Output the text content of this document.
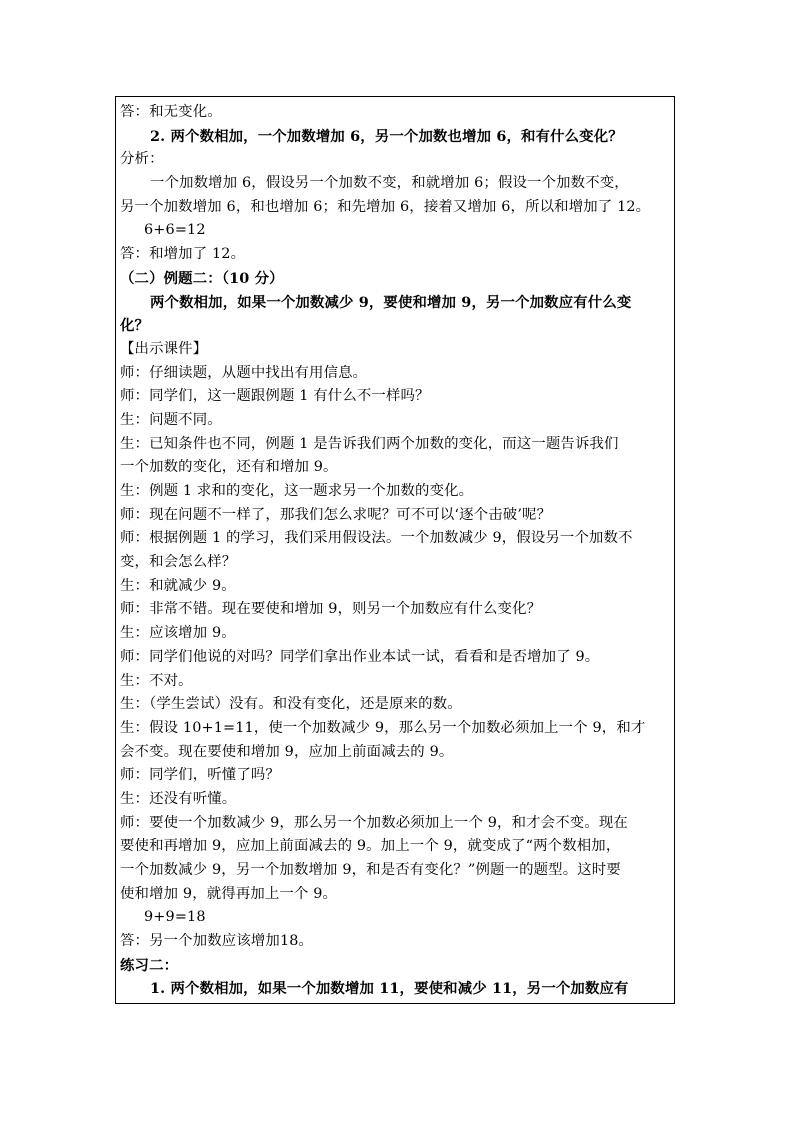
答：和无变化。
2. 两个数相加，一个加数增加 6，另一个加数也增加 6，和有什么变化？
分析：
一个加数增加 6，假设另一个加数不变，和就增加 6；假设一个加数不变，
另一个加数增加 6，和也增加 6；和先增加 6，接着又增加 6，所以和增加了 12。
6+6=12
答：和增加了 12。
（二）例题二：（10 分）
两个数相加，如果一个加数减少 9，要使和增加 9，另一个加数应有什么变
化？
【出示课件】
师：仔细读题，从题中找出有用信息。
师：同学们，这一题跟例题 1 有什么不一样吗？
生：问题不同。
生：已知条件也不同，例题 1 是告诉我们两个加数的变化，而这一题告诉我们
一个加数的变化，还有和增加 9。
生：例题 1 求和的变化，这一题求另一个加数的变化。
师：现在问题不一样了，那我们怎么求呢？可不可以‘逐个击破’呢？
师：根据例题 1 的学习，我们采用假设法。一个加数减少 9，假设另一个加数不
变，和会怎么样？
生：和就减少 9。
师：非常不错。现在要使和增加 9，则另一个加数应有什么变化？
生：应该增加 9。
师：同学们他说的对吗？同学们拿出作业本试一试，看看和是否增加了 9。
生：不对。
生：（学生尝试）没有。和没有变化，还是原来的数。
生：假设 10+1=11，使一个加数减少 9，那么另一个加数必须加上一个 9，和才
会不变。现在要使和增加 9，应加上前面减去的 9。
师：同学们，听懂了吗？
生：还没有听懂。
师：要使一个加数减少 9，那么另一个加数必须加上一个 9，和才会不变。现在
要使和再增加 9，应加上前面减去的 9。加上一个 9，就变成了“两个数相加，
一个加数减少 9，另一个加数增加 9，和是否有变化？”例题一的题型。这时要
使和增加 9，就得再加上一个 9。
9+9=18
答：另一个加数应该增加18。
练习二：
1. 两个数相加，如果一个加数增加 11，要使和减少 11，另一个加数应有
